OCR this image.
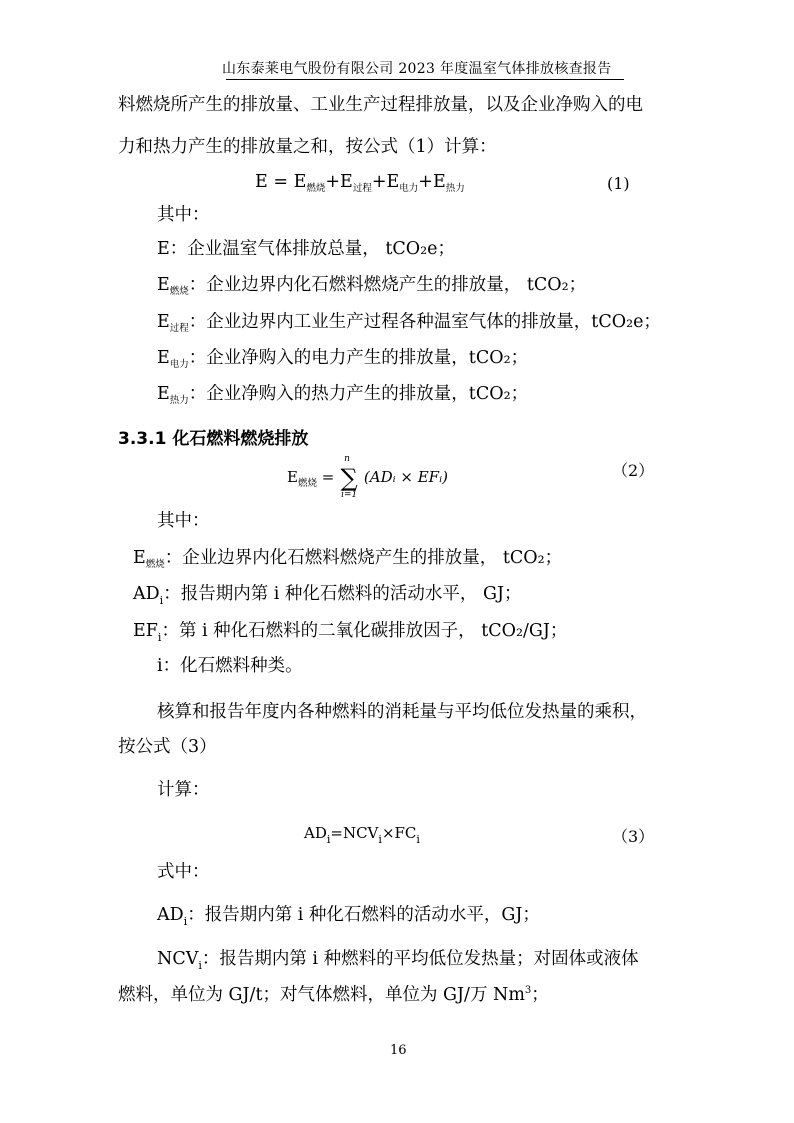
山东泰莱电气股份有限公司 2023 年度温室气体排放核查报告
料燃烧所产生的排放量、工业生产过程排放量，以及企业净购入的电
力和热力产生的排放量之和，按公式（1）计算：
$E = E_{燃烧}+E_{过程}+E_{电力}+E_{热力}$	(1)
其中：
E：企业温室气体排放总量， tCO₂e；
$E_{燃烧}$：企业边界内化石燃料燃烧产生的排放量， tCO₂；
$E_{过程}$：企业边界内工业生产过程各种温室气体的排放量，tCO₂e；
$E_{电力}$：企业净购入的电力产生的排放量，tCO₂；
$E_{热力}$：企业净购入的热力产生的排放量，tCO₂；
3.3.1 化石燃料燃烧排放
$E_{燃烧}$ =
n
∑
i=1
(ADᵢ × EFᵢ)	（2）
其中：
$E_{燃烧}$：企业边界内化石燃料燃烧产生的排放量， tCO₂；
$AD_i$：报告期内第 i 种化石燃料的活动水平， GJ；
$EF_i$：第 i 种化石燃料的二氧化碳排放因子， tCO₂/GJ；
i：化石燃料种类。
核算和报告年度内各种燃料的消耗量与平均低位发热量的乘积，
按公式（3）
计算：
$AD_i=NCV_i\times FC_i$	（3）
式中：
$AD_i$：报告期内第 i 种化石燃料的活动水平，GJ；
$NCV_i$：报告期内第 i 种燃料的平均低位发热量；对固体或液体
燃料，单位为 GJ/t；对气体燃料，单位为 GJ/万 Nm$^3$；
16
